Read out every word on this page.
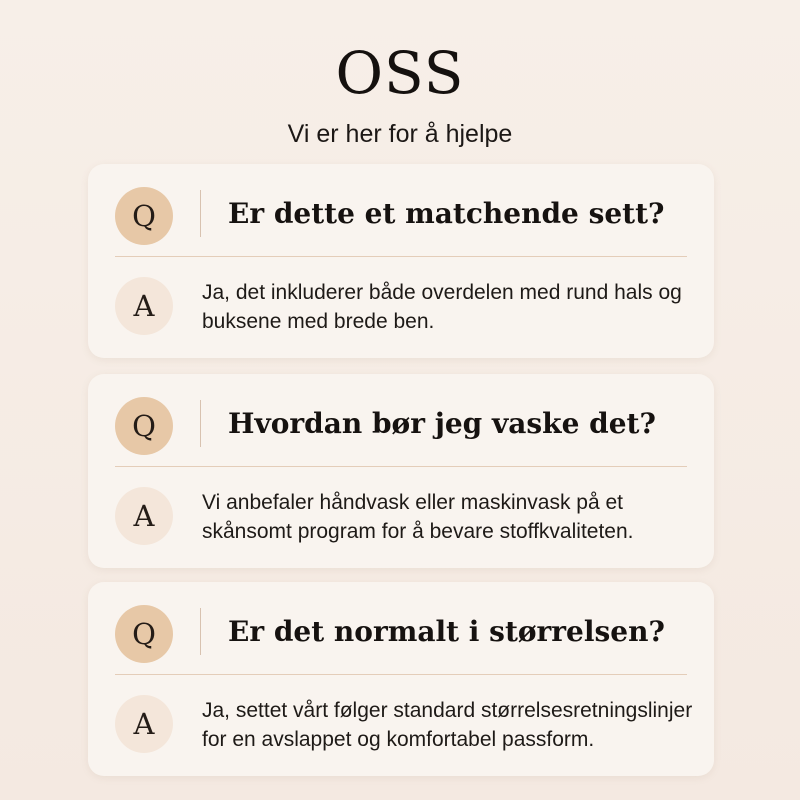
OSS
Vi er her for å hjelpe
Q	Er dette et matchende sett?
A	Ja, det inkluderer både overdelen med rund hals og buksene med brede ben.
Q	Hvordan bør jeg vaske det?
A	Vi anbefaler håndvask eller maskinvask på et skånsomt program for å bevare stoffkvaliteten.
Q	Er det normalt i størrelsen?
A	Ja, settet vårt følger standard størrelsesretningslinjer for en avslappet og komfortabel passform.
